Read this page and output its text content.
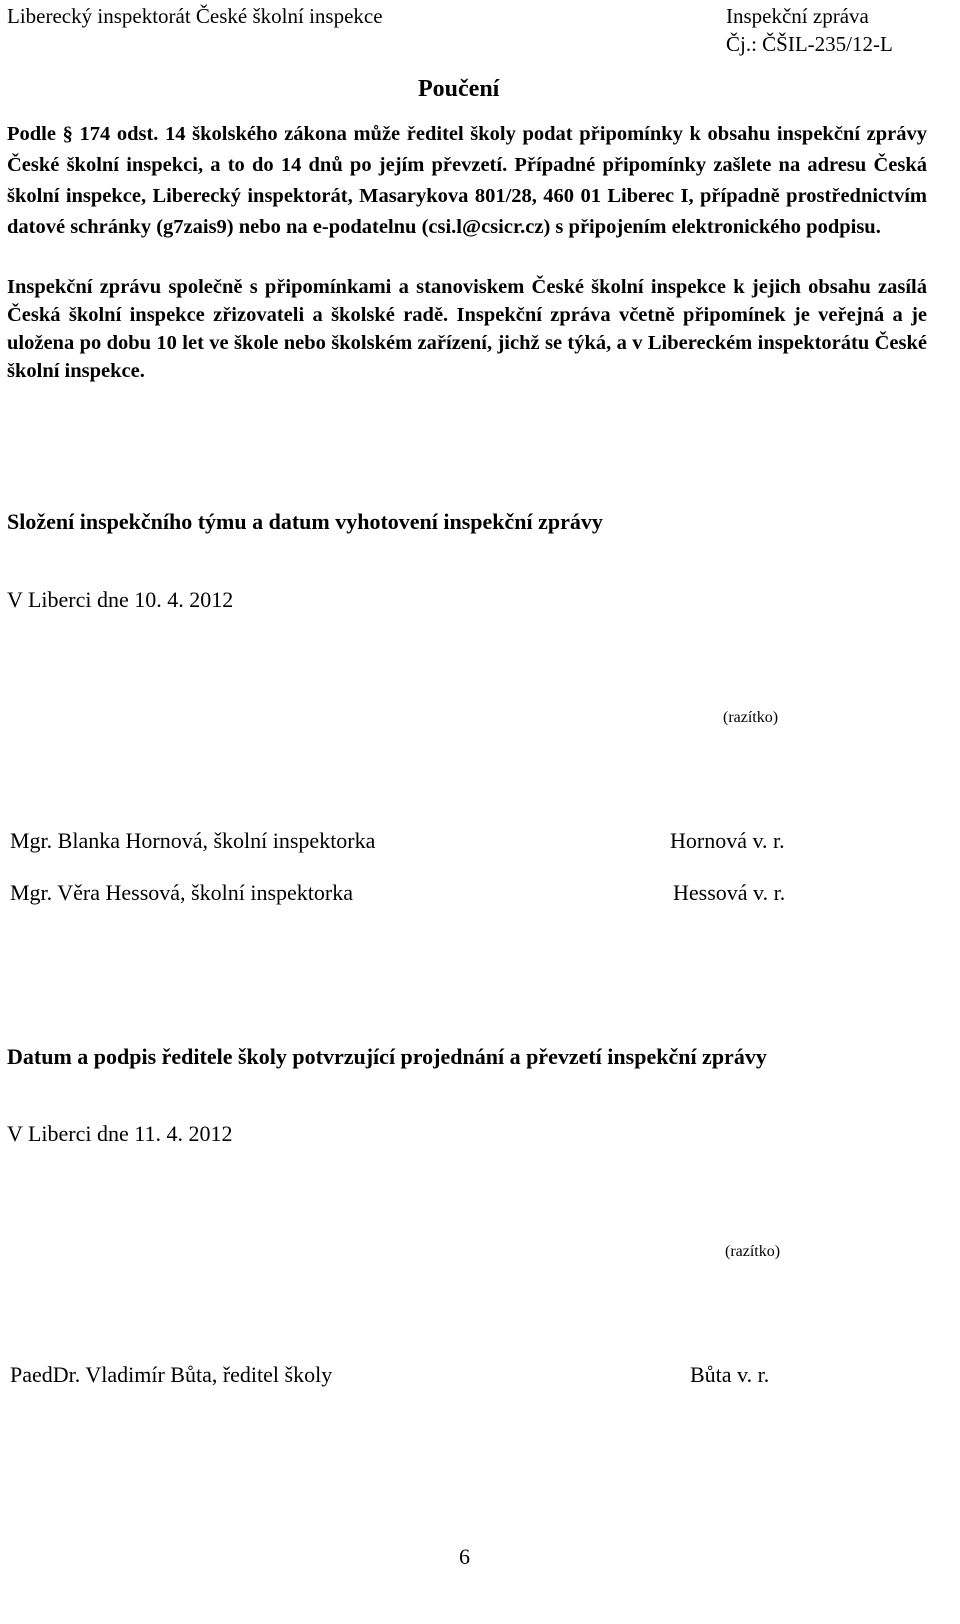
Liberecký inspektorát České školní inspekce	Inspekční zpráva
Čj.: ČŠIL-235/12-L
Poučení
Podle § 174 odst. 14 školského zákona může ředitel školy podat připomínky k obsahu inspekční zprávy České školní inspekci, a to do 14 dnů po jejím převzetí. Případné připomínky zašlete na adresu Česká školní inspekce, Liberecký inspektorát, Masarykova 801/28, 460 01 Liberec I, případně prostřednictvím datové schránky (g7zais9) nebo na e-podatelnu (csi.l@csicr.cz) s připojením elektronického podpisu.
Inspekční zprávu společně s připomínkami a stanoviskem České školní inspekce k jejich obsahu zasílá Česká školní inspekce zřizovateli a školské radě. Inspekční zpráva včetně připomínek je veřejná a je uložena po dobu 10 let ve škole nebo školském zařízení, jichž se týká, a v Libereckém inspektorátu České školní inspekce.
Složení inspekčního týmu a datum vyhotovení inspekční zprávy
V Liberci dne 10. 4. 2012
(razítko)
Mgr. Blanka Hornová, školní inspektorka	Hornová v. r.
Mgr. Věra Hessová, školní inspektorka	Hessová v. r.
Datum a podpis ředitele školy potvrzující projednání a převzetí inspekční zprávy
V Liberci dne 11. 4. 2012
(razítko)
PaedDr. Vladimír Bůta, ředitel školy	Bůta v. r.
6
